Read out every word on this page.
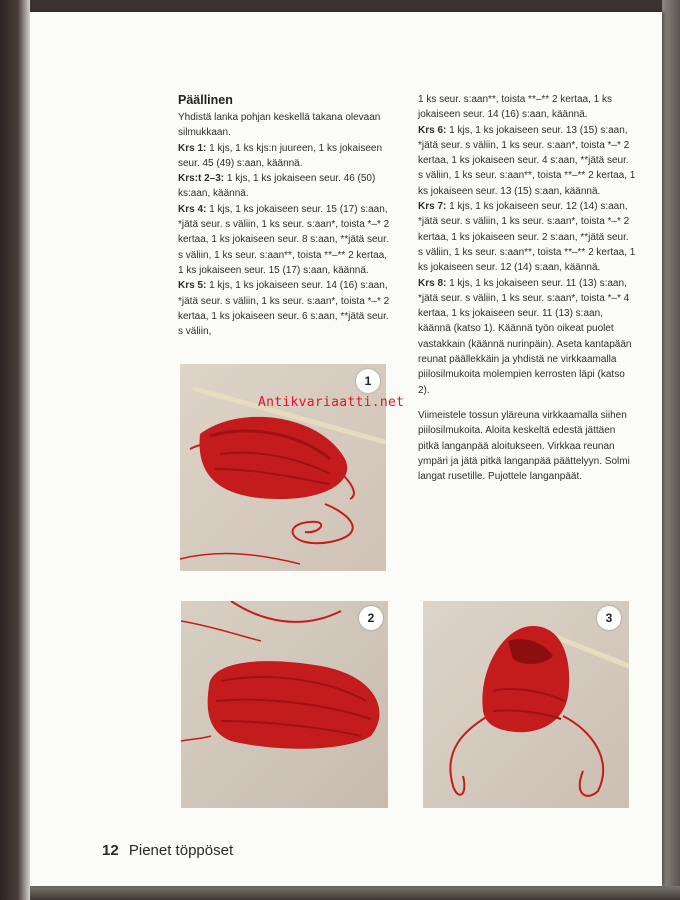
Päällinen

Yhdistä lanka pohjan keskellä takana olevaan silmukkaan.

Krs 1: 1 kjs, 1 ks kjs:n juureen, 1 ks jokaiseen seur. 45 (49) s:aan, käännä.

Krs:t 2–3: 1 kjs, 1 ks jokaiseen seur. 46 (50) ks:aan, käännä.

Krs 4: 1 kjs, 1 ks jokaiseen seur. 15 (17) s:aan, *jätä seur. s väliin, 1 ks seur. s:aan*, toista *–* 2 kertaa, 1 ks jokaiseen seur. 8 s:aan, **jätä seur. s väliin, 1 ks seur. s:aan**, toista **–** 2 kertaa, 1 ks jokaiseen seur. 15 (17) s:aan, käännä.

Krs 5: 1 kjs, 1 ks jokaiseen seur. 14 (16) s:aan, *jätä seur. s väliin, 1 ks seur. s:aan*, toista *–* 2 kertaa, 1 ks jokaiseen seur. 6 s:aan, **jätä seur. s väliin,

1 ks seur. s:aan**, toista **–** 2 kertaa, 1 ks jokaiseen seur. 14 (16) s:aan, käännä.

Krs 6: 1 kjs, 1 ks jokaiseen seur. 13 (15) s:aan, *jätä seur. s väliin, 1 ks seur. s:aan*, toista *–* 2 kertaa, 1 ks jokaiseen seur. 4 s:aan, **jätä seur. s väliin, 1 ks seur. s:aan**, toista **–** 2 kertaa, 1 ks jokaiseen seur. 13 (15) s:aan, käännä.

Krs 7: 1 kjs, 1 ks jokaiseen seur. 12 (14) s:aan, *jätä seur. s väliin, 1 ks seur. s:aan*, toista *–* 2 kertaa, 1 ks jokaiseen seur. 2 s:aan, **jätä seur. s väliin, 1 ks seur. s:aan**, toista **–** 2 kertaa, 1 ks jokaiseen seur. 12 (14) s:aan, käännä.

Krs 8: 1 kjs, 1 ks jokaiseen seur. 11 (13) s:aan, *jätä seur. s väliin, 1 ks seur. s:aan*, toista *–* 4 kertaa, 1 ks jokaiseen seur. 11 (13) s:aan, käännä (katso 1). Käännä työn oikeat puolet vastakkain (käännä nurinpäin). Aseta kantapään reunat päällekkäin ja yhdistä ne virkkaamalla piilosilmukoita molempien kerrosten läpi (katso 2).

Viimeistele tossun yläreuna virkkaamalla siihen piilosilmukoita. Aloita keskeltä edestä jättäen pitkä langanpää aloitukseen. Virkkaa reunan ympäri ja jätä pitkä langanpää päättelyyn. Solmi langat rusetille. Pujottele langanpäät.

1
2	3
Antikvariaatti.net
12 Pienet töppöset
